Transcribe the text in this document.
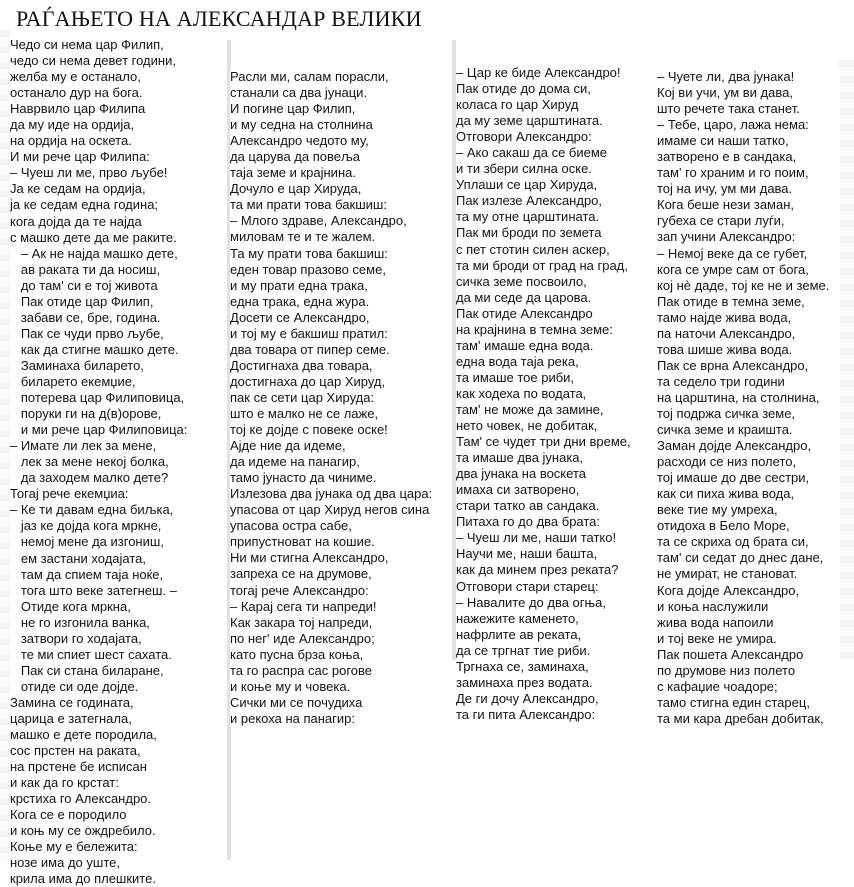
РАЃАЊЕТО НА АЛЕКСАНДАР ВЕЛИКИ
Чедо си нема цар Филип,
чедо си нема девет години,
желба му е останало,
останало дур на бога.
Наврвило цар Филипа
да му иде на ордија,
на ордија на оскета.
И ми рече цар Филипа:
– Чуеш ли ме, прво љубе!
Ја ке седам на ордија,
ја ке седам една година;
кога дојда да те најда
с машко дете да ме раките.
– Ак не најда машко дете,
ав раката ти да носиш,
до там' си е тој живота
Пак отиде цар Филип,
забави се, бре, година.
Пак се чуди прво љубе,
как да стигне машко дете.
Заминаха биларето,
биларето екемџие,
потерева цар Филиповица,
поруки ги на д(в)орове,
и ми рече цар Филиповица:
– Имате ли лек за мене,
лек за мене некој болка,
да заходем малко дете?
Тогај рече екемџиа:
– Ке ти давам една биљка,
јаз ке дојда кога мркне,
немој мене да изгониш,
ем застани ходајата,
там да спием таја ноќе,
тога што веке затегнеш. –
Отиде кога мркна,
не го изгонила ванка,
затвори го ходајата,
те ми спиет шест сахата.
Пак си стана биларане,
отиде си оде дојде.
Замина се годината,
царица е затегнала,
машко е дете породила,
сос прстен на раката,
на прстене бе исписан
и как да го крстат:
крстиха го Александро.
Кога се е породило
и коњ му се ождребило.
Коње му е бележита:
нозе има до уште,
крила има до плешките.
Расли ми, салам порасли,
станали са два јунаци.
И погине цар Филип,
и му седна на столнина
Александро чедото му,
да царува да повеља
таја земе и крајнина.
Дочуло е цар Хируда,
та ми прати това бакшиш:
– Млого здраве, Александро,
миловам те и те жалем.
Та му прати това бакшиш:
еден товар празово семе,
и му прати една трака,
една трака, една жура.
Досети се Александро,
и тој му е бакшиш пратил:
два товара от пипер семе.
Достигнаха два товара,
достигнаха до цар Хируд,
пак се сети цар Хируда:
што е малко не се лаже,
тој ке дојде с повеке оске!
Ајде ние да идеме,
да идеме на панагир,
тамо јунасто да чиниме.
Излезова два јунака од два цара:
упасова от цар Хируд негов сина
упасова остра сабе,
припустноват на кошие.
Ни ми стигна Александро,
запреха се на друмове,
тогај рече Александро:
– Карај сега ти напреди!
Как закара тој напреди,
по нег' иде Александро;
като пусна брза коња,
та го распра сас рогове
и коње му и човека.
Сички ми се почудиха
и рекоха на панагир:
– Цар ке биде Александро!
Пак отиде до дома си,
коласа го цар Хируд
да му земе царштината.
Отговори Александро:
– Ако сакаш да се биеме
и ти збери силна оске.
Уплаши се цар Хируда,
Пак излезе Александро,
та му отне царштината.
Пак ми броди по земета
с пет стотин силен аскер,
та ми броди от град на град,
сичка земе посвоило,
да ми седе да царова.
Пак отиде Александро
на крајнина в темна земе:
там' имаше една вода.
една вода таја река,
та имаше тое риби,
как ходеха по водата,
там' не може да замине,
нето човек, не добитак,
Там' се чудет три дни време,
та имаше два јунака,
два јунака на воскета
имаха си затворено,
стари татко ав сандака.
Питаха го до два брата:
– Чуеш ли ме, наши татко!
Научи ме, наши башта,
как да минем през реката?
Отговори стари старец:
– Навалите до два огња,
нажежите каменето,
нафрлите ав реката,
да се тргнат тие риби.
Тргнаха се, заминаха,
заминаха през водата.
Де ги дочу Александро,
та ги пита Александро:
– Чуете ли, два јунака!
Кој ви учи, ум ви дава,
што речете така станет.
– Тебе, царо, лажа нема:
имаме си наши татко,
затворено е в сандака,
там' го храним и го поим,
тој на ичу, ум ми дава.
Кога беше нези заман,
губеха се стари луѓи,
зап учини Александро:
– Немој веке да се губет,
кога се умре сам от бога,
кој нè даде, тој ке не и земе.
Пак отиде в темна земе,
тамо најде жива вода,
па наточи Александро,
това шише жива вода.
Пак се врна Александро,
та седело три години
на царштина, на столнина,
тој подржа сичка земе,
сичка земе и краишта.
Заман дојде Александро,
расходи се низ полето,
тој имаше до две сестри,
как си пиха жива вода,
веке тие му умреха,
отидоха в Бело Море,
та се скриха од брата си,
там' си седат до днес дане,
не умират, не становат.
Кога дојде Александро,
и коња наслужили
жива вода напоили
и тој веке не умира.
Пак пошета Александро
по друмове низ полето
с кафаџие чоадоре;
тамо стигна един старец,
та ми кара дребан добитак,
